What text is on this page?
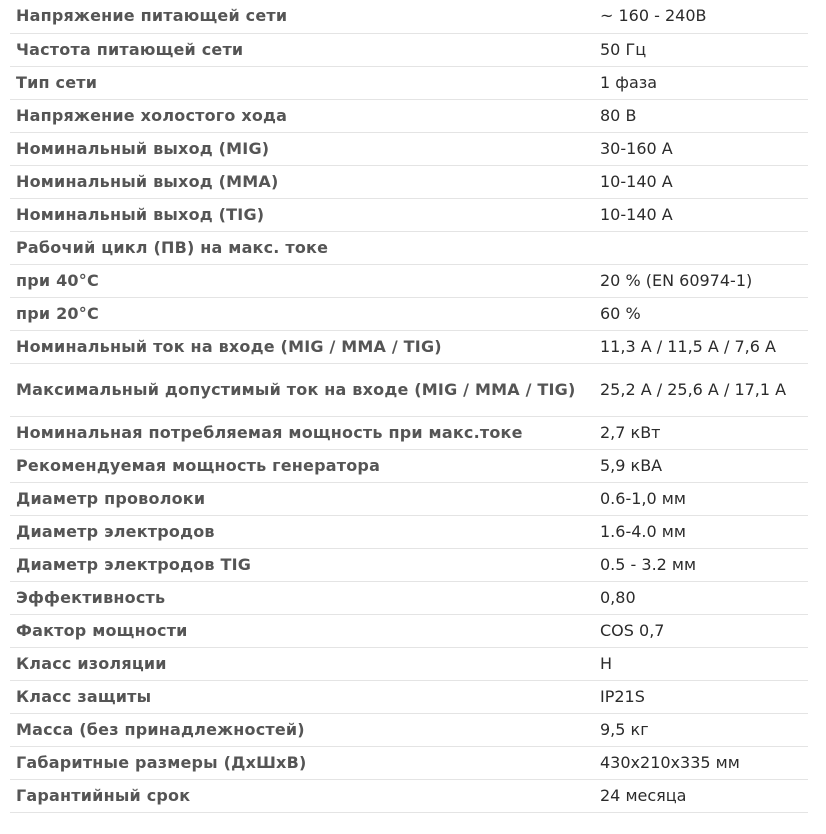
Напряжение питающей сети	~ 160 - 240В
Частота питающей сети	50 Гц
Тип сети	1 фаза
Напряжение холостого хода	80 В
Номинальный выход (MIG)	30-160 А
Номинальный выход (MMA)	10-140 А
Номинальный выход (TIG)	10-140 А
Рабочий цикл (ПВ) на макс. токе	
при 40°C	20 % (EN 60974-1)
при 20°C	60 %
Номинальный ток на входе (MIG / MMA / TIG)	11,3 A / 11,5 A / 7,6 A
Максимальный допустимый ток на входе (MIG / MMA / TIG)	25,2 A / 25,6 A / 17,1 A
Номинальная потребляемая мощность при макс.токе	2,7 кВт
Рекомендуемая мощность генератора	5,9 кВА
Диаметр проволоки	0.6-1,0 мм
Диаметр электродов	1.6-4.0 мм
Диаметр электродов TIG	0.5 - 3.2 мм
Эффективность	0,80
Фактор мощности	COS 0,7
Класс изоляции	H
Класс защиты	IP21S
Масса (без принадлежностей)	9,5 кг
Габаритные размеры (ДхШхВ)	430x210x335 мм
Гарантийный срок	24 месяца
